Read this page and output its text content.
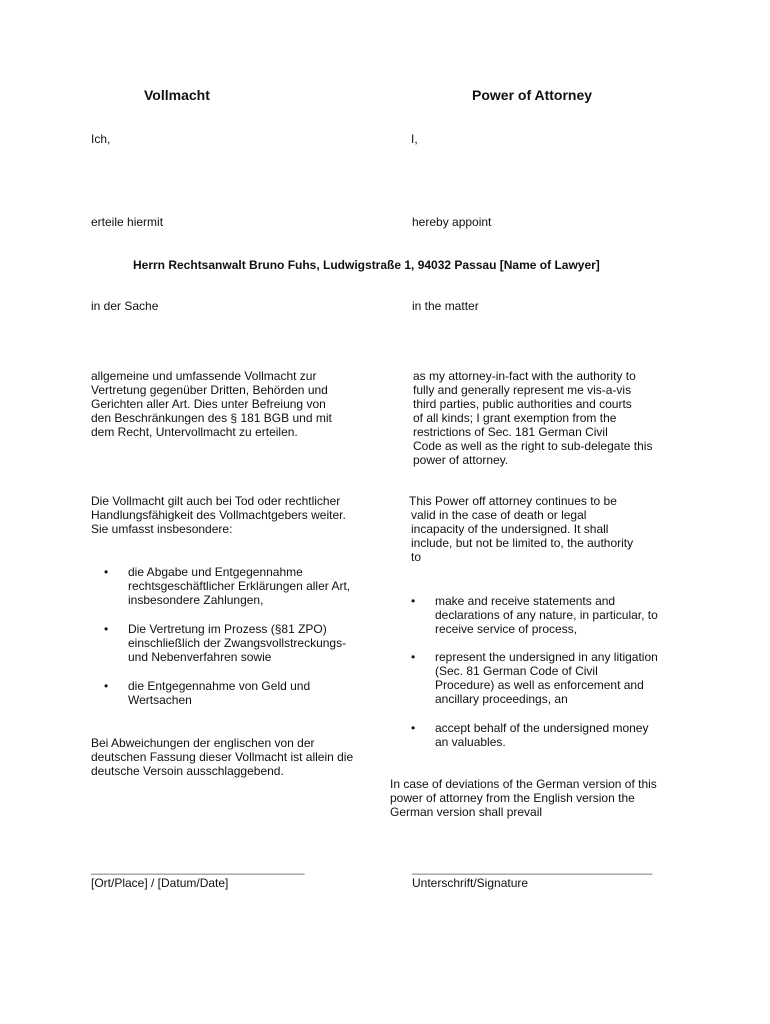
Vollmacht	Power of Attorney
Ich,	I,
erteile hiermit	hereby appoint
Herrn Rechtsanwalt Bruno Fuhs, Ludwigstraße 1, 94032 Passau [Name of Lawyer]
in der Sache	in the matter
allgemeine und umfassende Vollmacht zur
Vertretung gegenüber Dritten, Behörden und
Gerichten aller Art. Dies unter Befreiung von
den Beschränkungen des § 181 BGB und mit
dem Recht, Untervollmacht zu erteilen.
as my attorney-in-fact with the authority to
fully and generally represent me vis-a-vis
third parties, public authorities and courts
of all kinds; I grant exemption from the
restrictions of Sec. 181 German Civil
Code as well as the right to sub-delegate this
power of attorney.
Die Vollmacht gilt auch bei Tod oder rechtlicher
Handlungsfähigkeit des Vollmachtgebers weiter.
Sie umfasst insbesondere:
This Power off attorney continues to be
valid in the case of death or legal
incapacity of the undersigned. It shall
include, but not be limited to, the authority
to
• die Abgabe und Entgegennahme
rechtsgeschäftlicher Erklärungen aller Art,
insbesondere Zahlungen,
• Die Vertretung im Prozess (§81 ZPO)
einschließlich der Zwangsvollstreckungs-
und Nebenverfahren sowie
• die Entgegennahme von Geld und
Wertsachen
• make and receive statements and
declarations of any nature, in particular, to
receive service of process,
• represent the undersigned in any litigation
(Sec. 81 German Code of Civil
Procedure) as well as enforcement and
ancillary proceedings, an
• accept behalf of the undersigned money
an valuables.
Bei Abweichungen der englischen von der
deutschen Fassung dieser Vollmacht ist allein die
deutsche Versoin ausschlaggebend.
In case of deviations of the German version of this
power of attorney from the English version the
German version shall prevail
________________________________
[Ort/Place] / [Datum/Date]
____________________________________
Unterschrift/Signature
